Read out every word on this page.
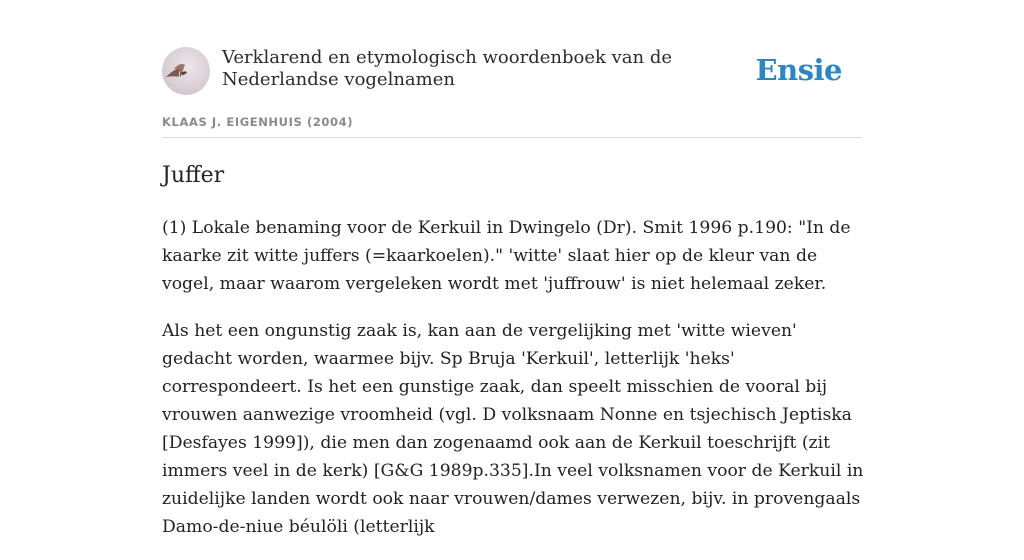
Verklarend en etymologisch woordenboek van de Nederlandse vogelnamen	Ensie
KLAAS J. EIGENHUIS (2004)
Juffer

(1) Lokale benaming voor de Kerkuil in Dwingelo (Dr). Smit 1996 p.190: "In de kaarke zit witte juffers (=kaarkoelen)." 'witte' slaat hier op de kleur van de vogel, maar waarom vergeleken wordt met 'juffrouw' is niet helemaal zeker.

Als het een ongunstig zaak is, kan aan de vergelijking met 'witte wieven' gedacht worden, waarmee bijv. Sp Bruja 'Kerkuil', letterlijk 'heks' correspondeert. Is het een gunstige zaak, dan speelt misschien de vooral bij vrouwen aanwezige vroomheid (vgl. D volksnaam Nonne en tsjechisch Jeptiska [Desfayes 1999]), die men dan zogenaamd ook aan de Kerkuil toeschrijft (zit immers veel in de kerk) [G&G 1989p.335].In veel volksnamen voor de Kerkuil in zuidelijke landen wordt ook naar vrouwen/dames verwezen, bijv. in provengaals Damo-de-niue béulöli (letterlijk
